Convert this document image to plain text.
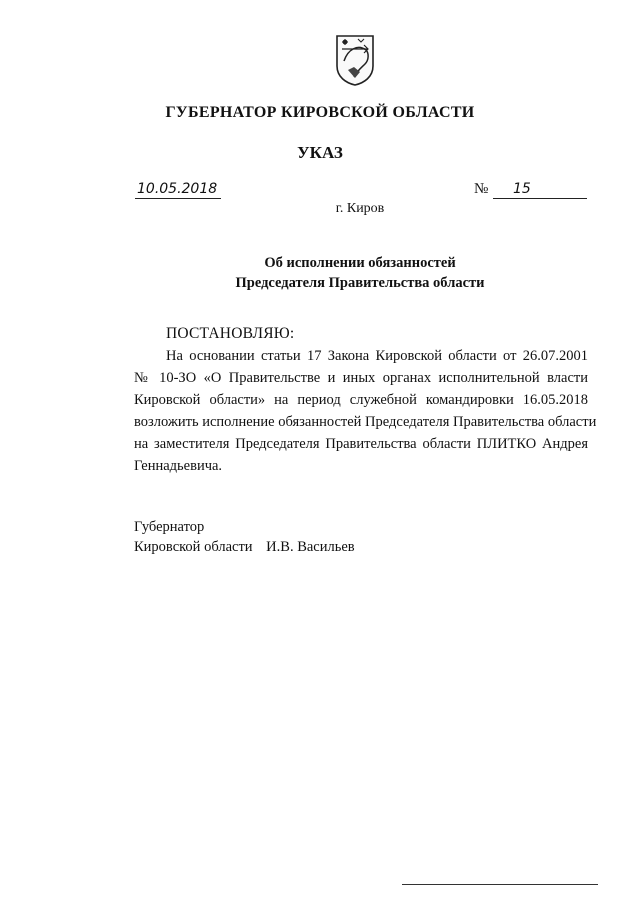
ГУБЕРНАТОР КИРОВСКОЙ ОБЛАСТИ
УКАЗ
10.05.2018	№	15
г. Киров
Об исполнении обязанностей
Председателя Правительства области
ПОСТАНОВЛЯЮ:
На основании статьи 17 Закона Кировской области от 26.07.2001
№ 10-ЗО «О Правительстве и иных органах исполнительной власти
Кировской области» на период служебной командировки 16.05.2018
возложить исполнение обязанностей Председателя Правительства области
на заместителя Председателя Правительства области ПЛИТКО Андрея
Геннадьевича.
Губернатор
Кировской области И.В. Васильев
